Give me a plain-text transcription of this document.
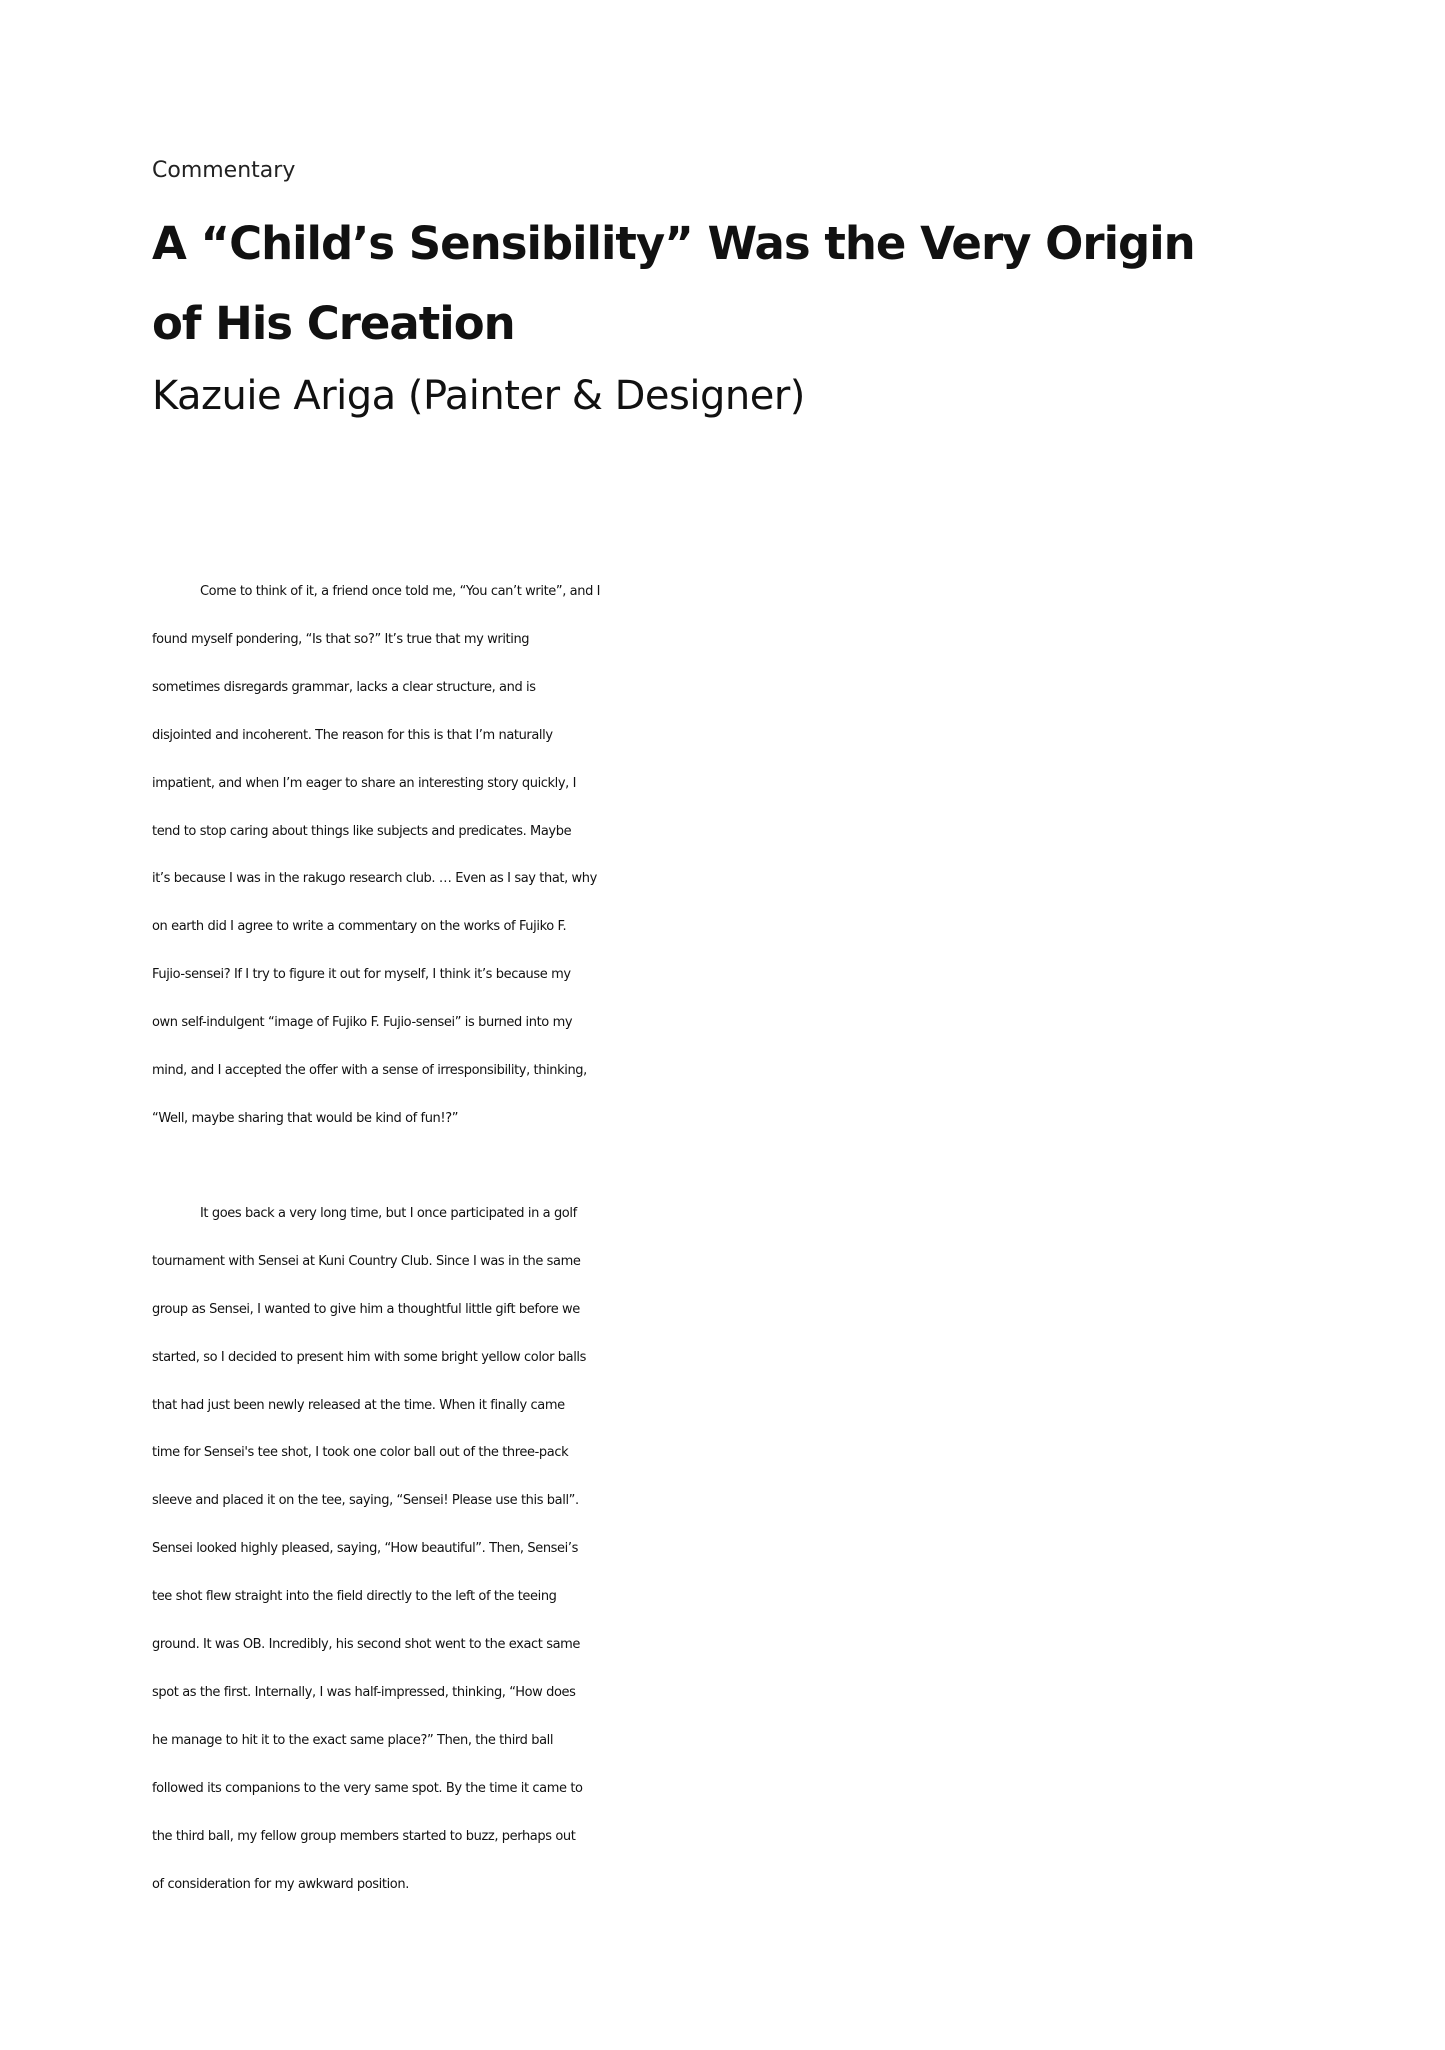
Commentary
A “Child’s Sensibility” Was the Very Origin
of His Creation
Kazuie Ariga (Painter & Designer)

Come to think of it, a friend once told me, “You can’t write”, and I
found myself pondering, “Is that so?” It’s true that my writing
sometimes disregards grammar, lacks a clear structure, and is
disjointed and incoherent. The reason for this is that I’m naturally
impatient, and when I’m eager to share an interesting story quickly, I
tend to stop caring about things like subjects and predicates. Maybe
it’s because I was in the rakugo research club. … Even as I say that, why
on earth did I agree to write a commentary on the works of Fujiko F.
Fujio-sensei? If I try to figure it out for myself, I think it’s because my
own self-indulgent “image of Fujiko F. Fujio-sensei” is burned into my
mind, and I accepted the offer with a sense of irresponsibility, thinking,
“Well, maybe sharing that would be kind of fun!?”

It goes back a very long time, but I once participated in a golf
tournament with Sensei at Kuni Country Club. Since I was in the same
group as Sensei, I wanted to give him a thoughtful little gift before we
started, so I decided to present him with some bright yellow color balls
that had just been newly released at the time. When it finally came
time for Sensei's tee shot, I took one color ball out of the three-pack
sleeve and placed it on the tee, saying, “Sensei! Please use this ball”.
Sensei looked highly pleased, saying, “How beautiful”. Then, Sensei’s
tee shot flew straight into the field directly to the left of the teeing
ground. It was OB. Incredibly, his second shot went to the exact same
spot as the first. Internally, I was half-impressed, thinking, “How does
he manage to hit it to the exact same place?” Then, the third ball
followed its companions to the very same spot. By the time it came to
the third ball, my fellow group members started to buzz, perhaps out
of consideration for my awkward position.
